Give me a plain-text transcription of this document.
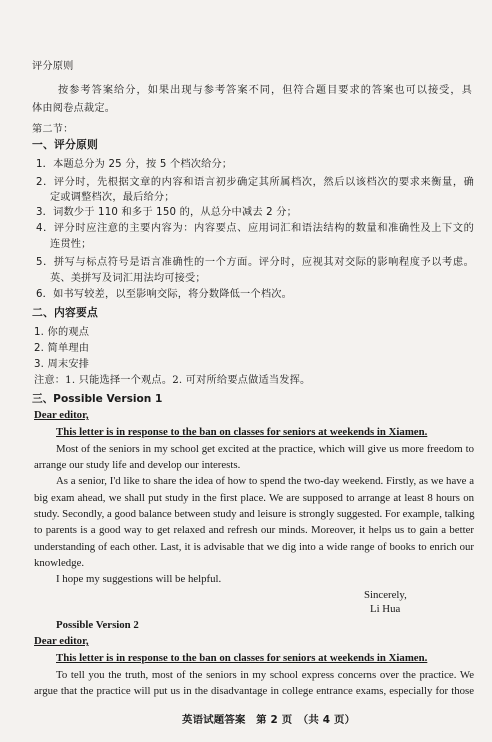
评分原则
按参考答案给分，如果出现与参考答案不同，但符合题目要求的答案也可以接受，具
体由阅卷点裁定。
第二节：
一、评分原则
1．本题总分为 25 分，按 5 个档次给分；
2．评分时，先根据文章的内容和语言初步确定其所属档次，然后以该档次的要求来衡量，确
定或调整档次，最后给分；
3．词数少于 110 和多于 150 的，从总分中减去 2 分；
4．评分时应注意的主要内容为：内容要点、应用词汇和语法结构的数量和准确性及上下文的
连贯性；
5．拼写与标点符号是语言准确性的一个方面。评分时，应视其对交际的影响程度予以考虑。
英、美拼写及词汇用法均可接受；
6．如书写较差，以至影响交际，将分数降低一个档次。
二、内容要点
1. 你的观点
2. 简单理由
3. 周末安排
注意：1. 只能选择一个观点。2. 可对所给要点做适当发挥。
三、Possible Version 1
Dear editor,
This letter is in response to the ban on classes for seniors at weekends in Xiamen.
Most of the seniors in my school get excited at the practice, which will give us more freedom to
arrange our study life and develop our interests.
As a senior, I'd like to share the idea of how to spend the two-day weekend. Firstly, as we have a
big exam ahead, we shall put study in the first place. We are supposed to arrange at least 8 hours on
study. Secondly, a good balance between study and leisure is strongly suggested. For example, talking
to parents is a good way to get relaxed and refresh our minds. Moreover, it helps us to gain a better
understanding of each other. Last, it is advisable that we dig into a wide range of books to enrich our
knowledge.
I hope my suggestions will be helpful.
Sincerely,
Li Hua
Possible Version 2
Dear editor,
This letter is in response to the ban on classes for seniors at weekends in Xiamen.
To tell you the truth, most of the seniors in my school express concerns over the practice. We
argue that the practice will put us in the disadvantage in college entrance exams, especially for those
英语试题答案　第 2 页　（共 4 页）
